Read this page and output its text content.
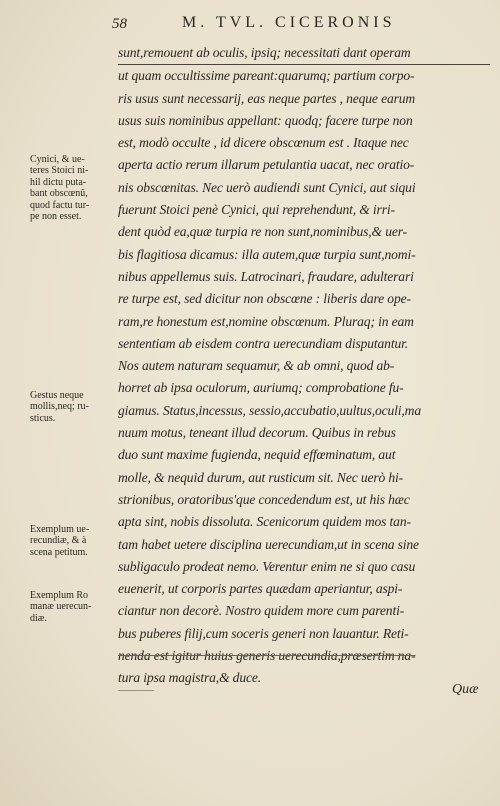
58	M. TVL. CICERONIS
sunt,remouent ab oculis, ipsiq; necessitati dant operam
ut quam occultissime pareant:quarumq; partium corpo-
ris usus sunt necessarij, eas neque partes , neque earum
usus suis nominibus appellant: quodq; facere turpe non
est, modò occulte , id dicere obscœnum est . Itaque nec
aperta actio rerum illarum petulantia uacat, nec oratio-
nis obscœnitas. Nec uerò audiendi sunt Cynici, aut siqui
fuerunt Stoici penè Cynici, qui reprehendunt, & irri-
dent quòd ea,quæ turpia re non sunt,nominibus,& uer-
bis flagitiosa dicamus: illa autem,quæ turpia sunt,nomi-
nibus appellemus suis. Latrocinari, fraudare, adulterari
re turpe est, sed dicitur non obscœne : liberis dare ope-
ram,re honestum est,nomine obscœnum. Pluraq; in eam
sententiam ab eisdem contra uerecundiam disputantur.
Nos autem naturam sequamur, & ab omni, quod ab-
horret ab ipsa oculorum, auriumq; comprobatione fu-
giamus. Status,incessus, sessio,accubatio,uultus,oculi,ma
nuum motus, teneant illud decorum. Quibus in rebus
duo sunt maxime fugienda, nequid effœminatum, aut
molle, & nequid durum, aut rusticum sit. Nec uerò hi-
strionibus, oratoribus'que concedendum est, ut his hæc
apta sint, nobis dissoluta. Scenicorum quidem mos tan-
tam habet uetere disciplina uerecundiam,ut in scena sine
subligaculo prodeat nemo. Verentur enim ne si quo casu
euenerit, ut corporis partes quædam aperiantur, aspi-
ciantur non decorè. Nostro quidem more cum parenti-
bus puberes filij,cum soceris generi non lauantur. Reti-
nenda est igitur huius generis uerecundia,præsertim na-
tura ipsa magistra,& duce.
Cynici, & ue-
teres Stoici ni-
hil dictu puta-
bant obscœnũ,
quod factu tur-
pe non esset.
Gestus neque
mollis,neq; ru-
sticus.
Exemplum ue-
recundiæ, & à
scena petitum.
Exemplum Ro
manæ uerecun-
diæ.
Quæ
